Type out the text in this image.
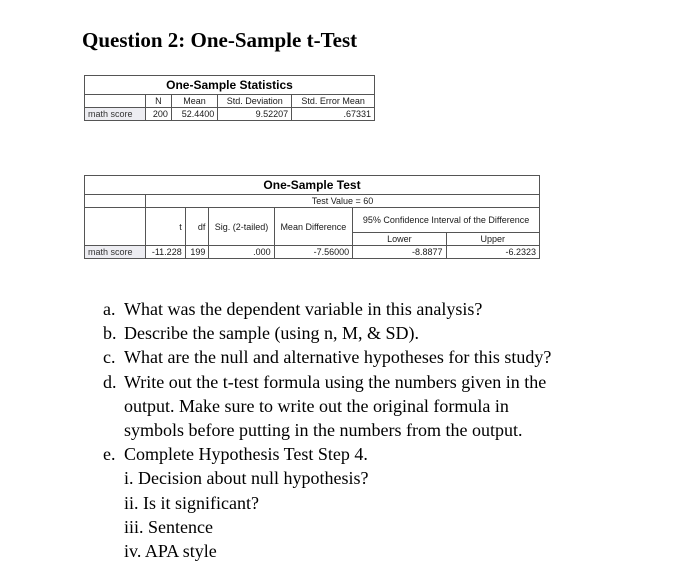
Question 2: One-Sample t-Test
One-Sample Statistics				
	N	Mean	Std. Deviation	Std. Error Mean
math score	200	52.4400	9.52207	.67331
One-Sample Test						
	Test Value = 60					
	t	df	Sig. (2-tailed)	Mean Difference	95% Confidence Interval of the Difference	
					Lower	Upper
math score	-11.228	199	.000	-7.56000	-8.8877	-6.2323

a. What was the dependent variable in this analysis?

b. Describe the sample (using n, M, & SD).

c. What are the null and alternative hypotheses for this study?

d. Write out the t-test formula using the numbers given in the

output. Make sure to write out the original formula in

symbols before putting in the numbers from the output.

e. Complete Hypothesis Test Step 4.

i. Decision about null hypothesis?

ii. Is it significant?

iii. Sentence

iv. APA style
